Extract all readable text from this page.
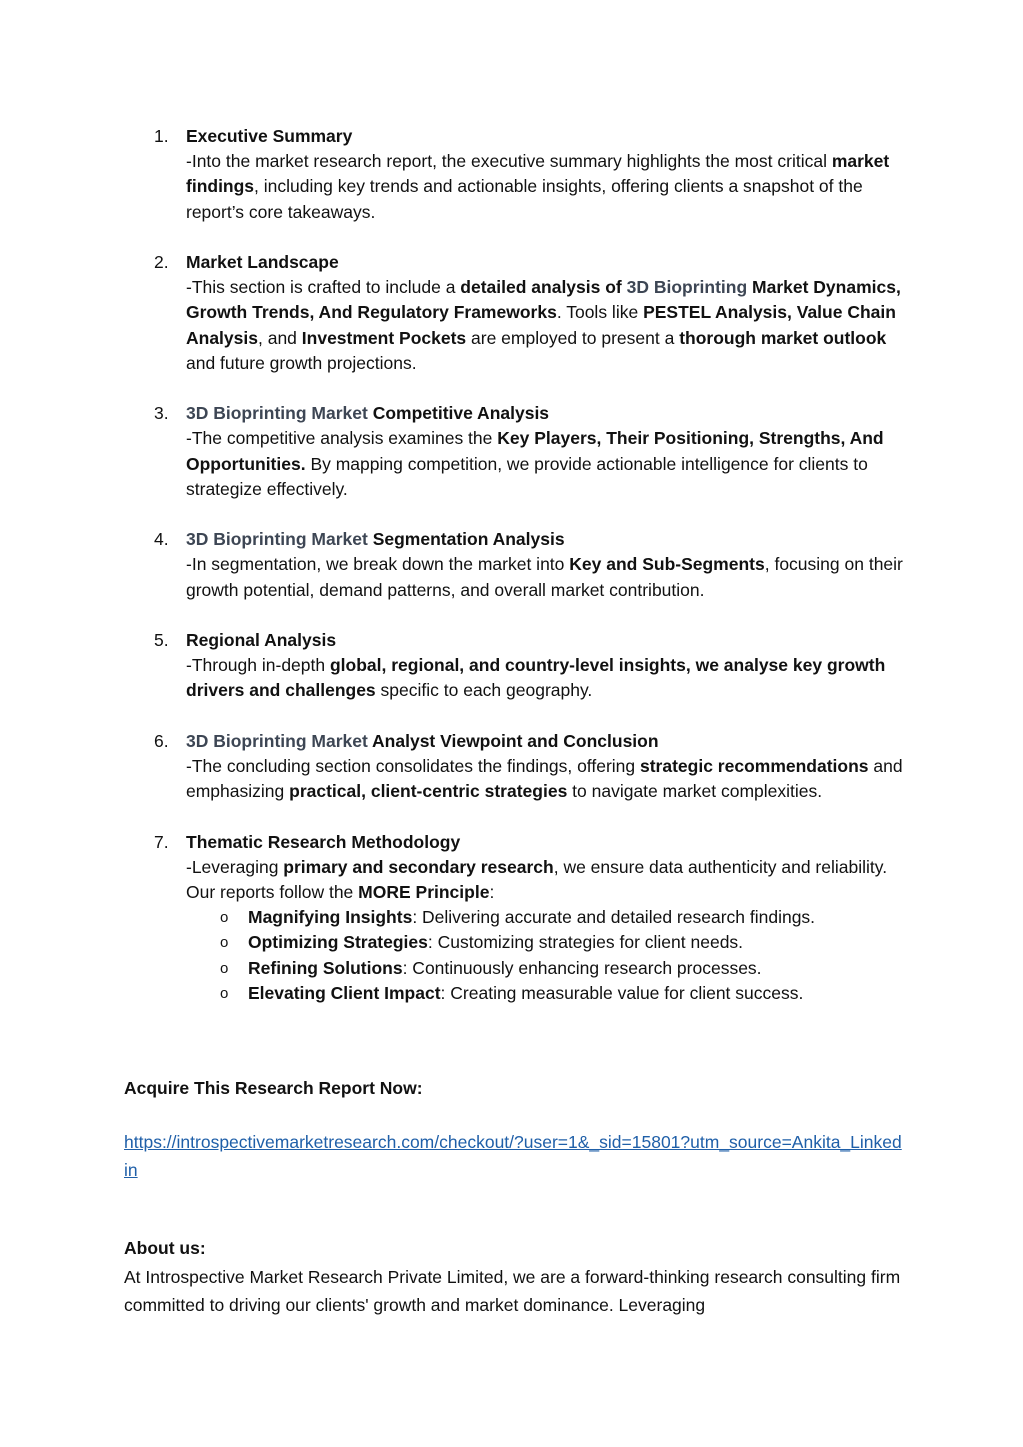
1. Executive Summary
-Into the market research report, the executive summary highlights the most critical market findings, including key trends and actionable insights, offering clients a snapshot of the report’s core takeaways.
2. Market Landscape
-This section is crafted to include a detailed analysis of 3D Bioprinting Market Dynamics, Growth Trends, And Regulatory Frameworks. Tools like PESTEL Analysis, Value Chain Analysis, and Investment Pockets are employed to present a thorough market outlook and future growth projections.
3. 3D Bioprinting Market Competitive Analysis
-The competitive analysis examines the Key Players, Their Positioning, Strengths, And Opportunities. By mapping competition, we provide actionable intelligence for clients to strategize effectively.
4. 3D Bioprinting Market Segmentation Analysis
-In segmentation, we break down the market into Key and Sub-Segments, focusing on their growth potential, demand patterns, and overall market contribution.
5. Regional Analysis
-Through in-depth global, regional, and country-level insights, we analyse key growth drivers and challenges specific to each geography.
6. 3D Bioprinting Market Analyst Viewpoint and Conclusion
-The concluding section consolidates the findings, offering strategic recommendations and emphasizing practical, client-centric strategies to navigate market complexities.
7. Thematic Research Methodology
-Leveraging primary and secondary research, we ensure data authenticity and reliability. Our reports follow the MORE Principle:
o	Magnifying Insights: Delivering accurate and detailed research findings.
o	Optimizing Strategies: Customizing strategies for client needs.
o	Refining Solutions: Continuously enhancing research processes.
o	Elevating Client Impact: Creating measurable value for client success.
Acquire This Research Report Now:
https://introspectivemarketresearch.com/checkout/?user=1&_sid=15801?utm_source=Ankita_Linkedin
About us:
At Introspective Market Research Private Limited, we are a forward-thinking research consulting firm committed to driving our clients' growth and market dominance. Leveraging
